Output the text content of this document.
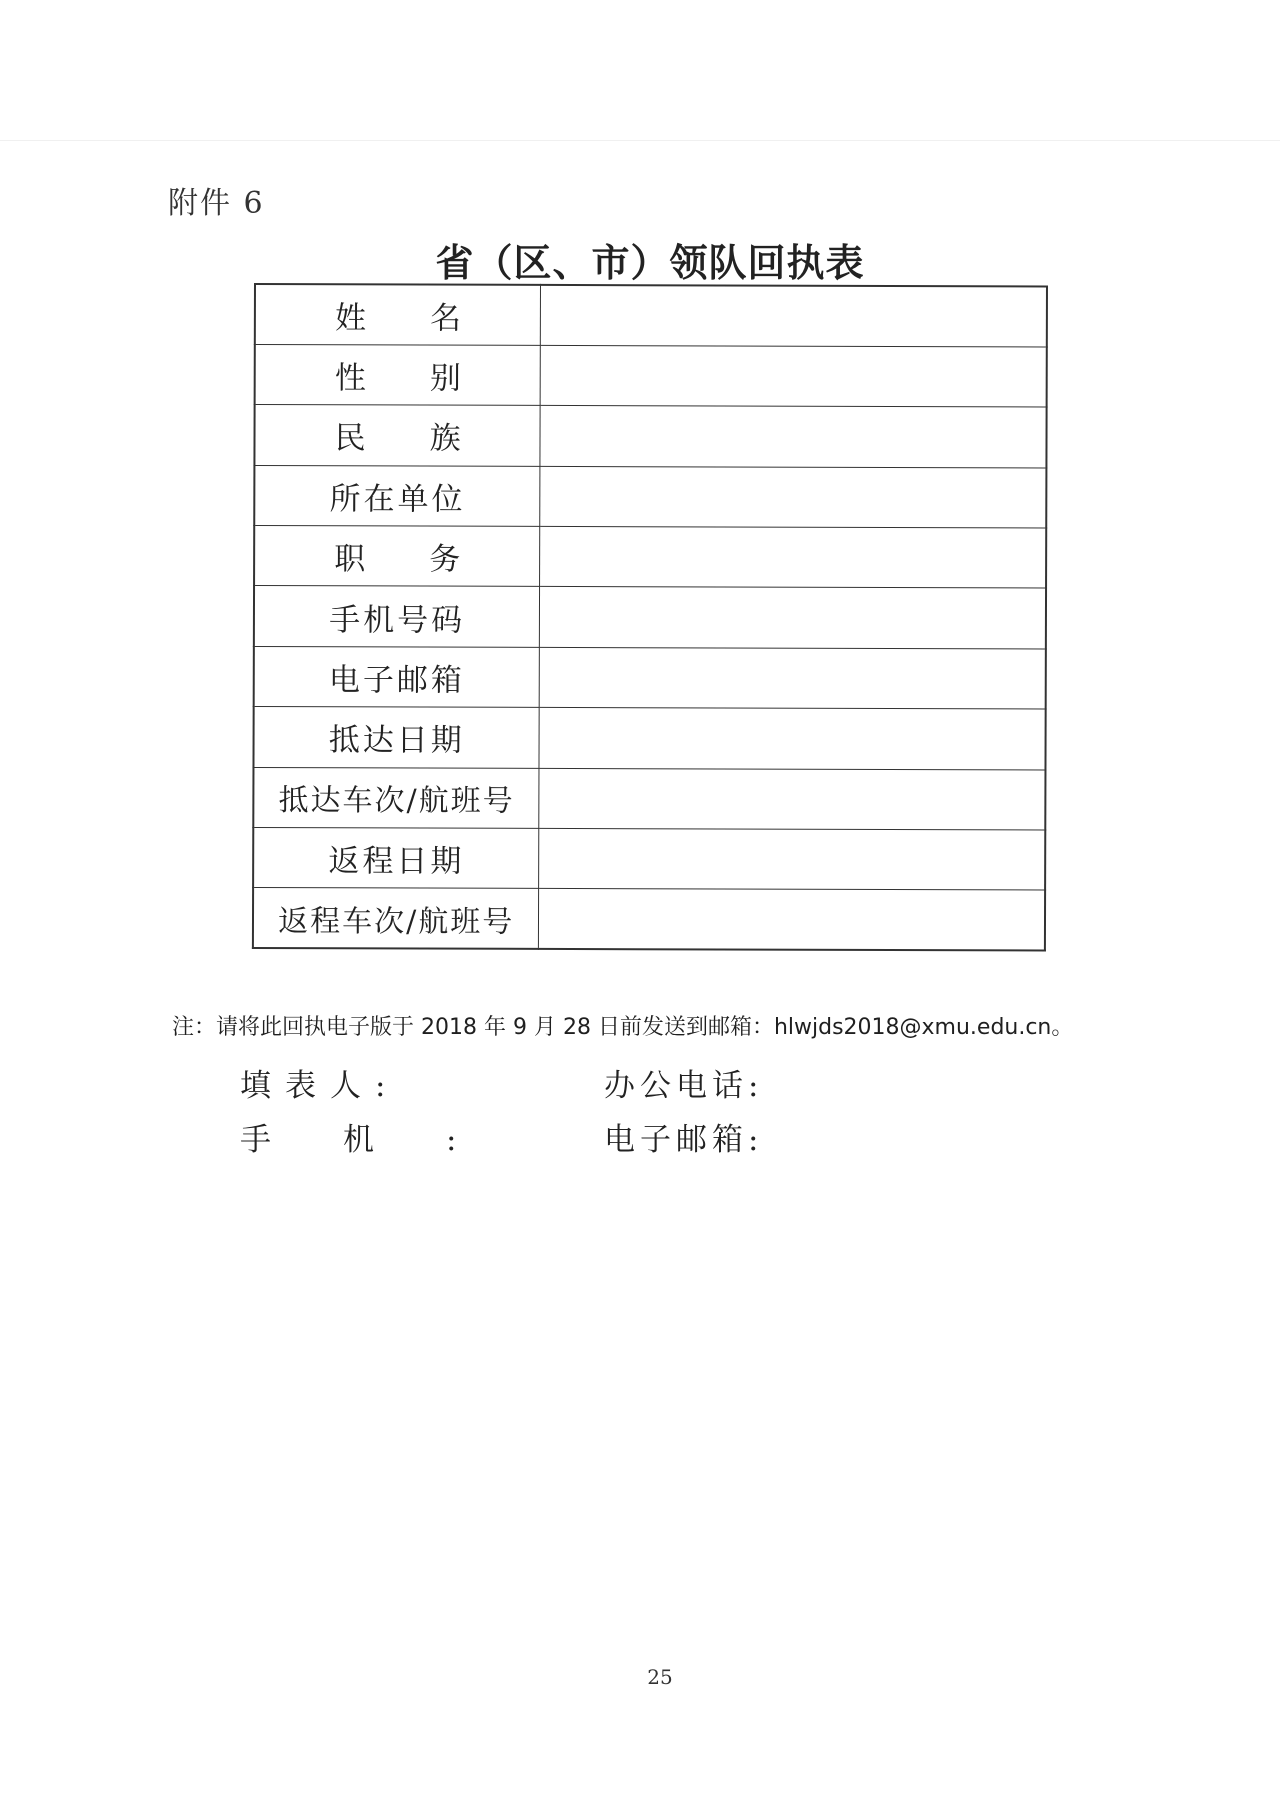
附件 6
省（区、市）领队回执表
姓名	
性别	
民族	
所在单位	
职务	
手机号码	
电子邮箱	
抵达日期	
抵达车次/航班号	
返程日期	
返程车次/航班号	
注：请将此回执电子版于 2018 年 9 月 28 日前发送到邮箱：hlwjds2018@xmu.edu.cn。
填表人:	办公电话:
手机:	电子邮箱:
25
